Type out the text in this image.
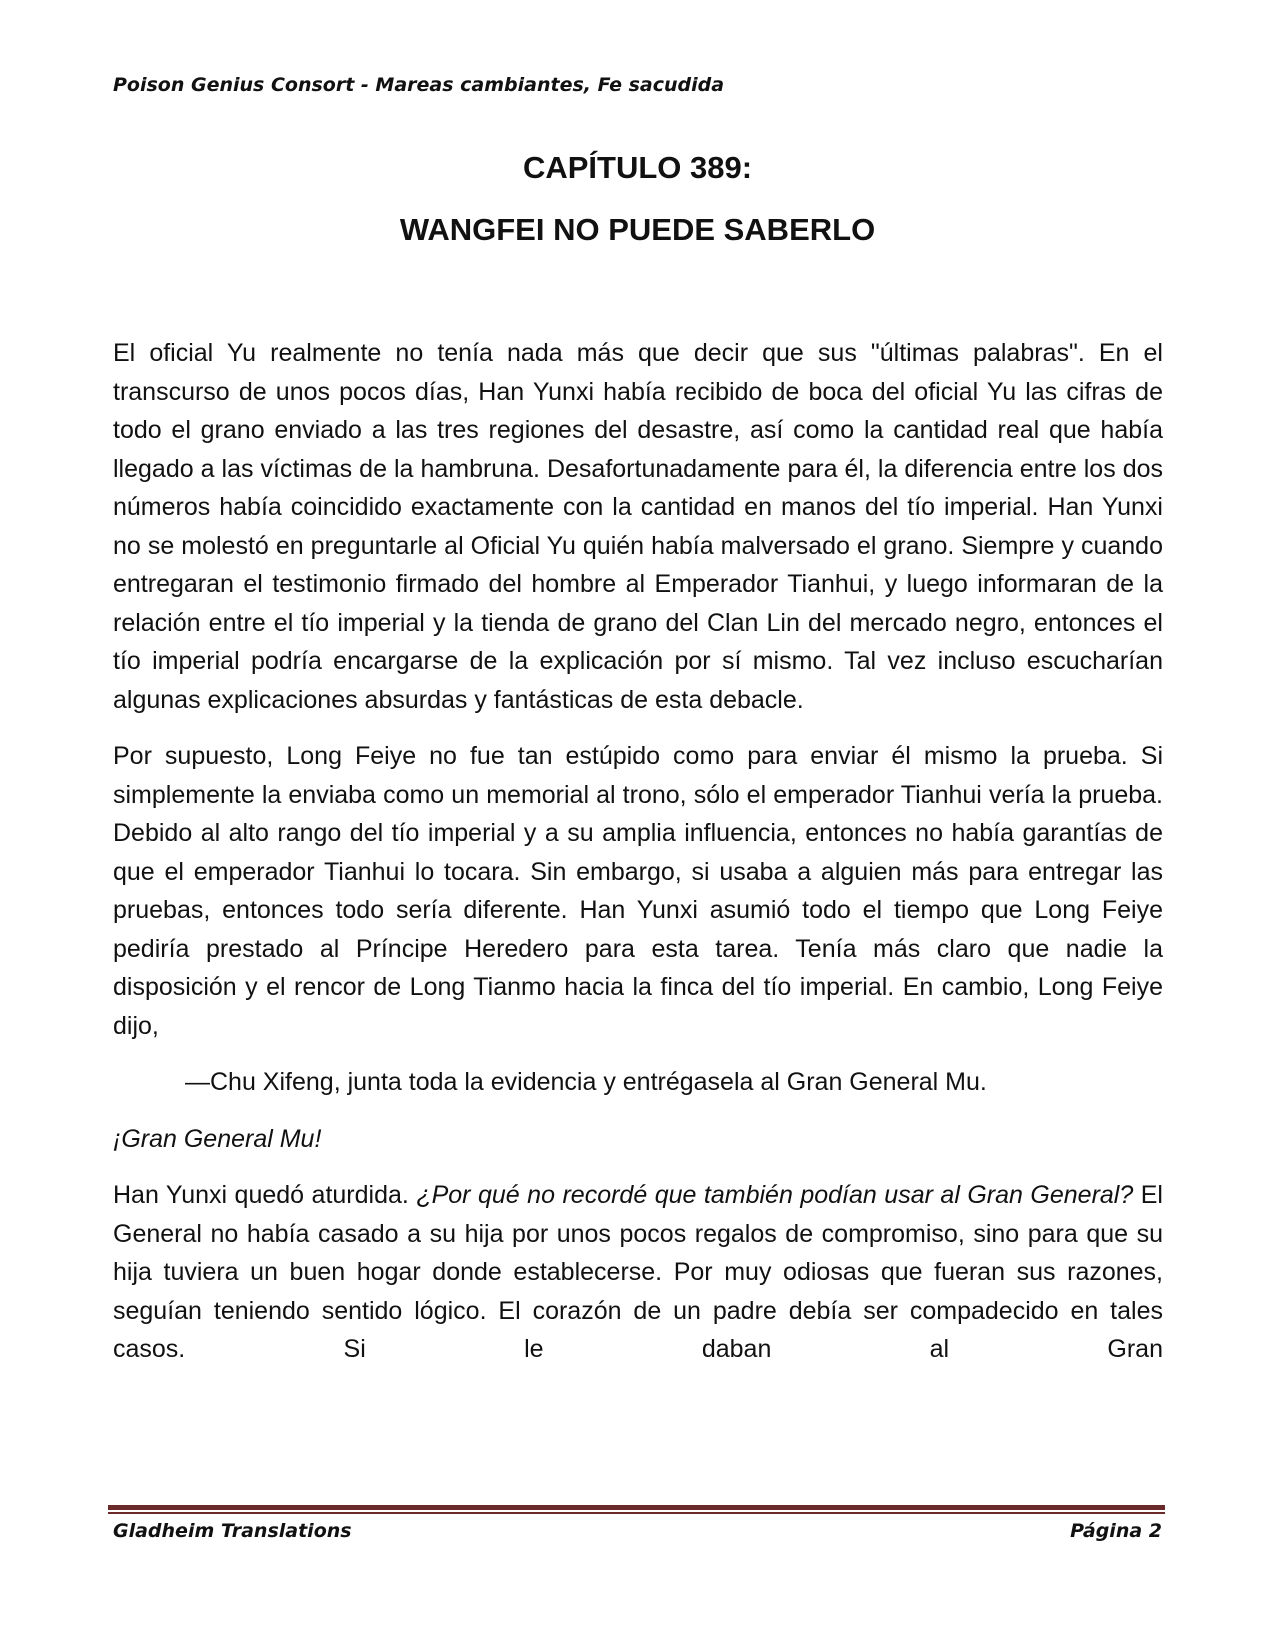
Poison Genius Consort - Mareas cambiantes, Fe sacudida
CAPÍTULO 389:
WANGFEI NO PUEDE SABERLO

El oficial Yu realmente no tenía nada más que decir que sus "últimas palabras". En el transcurso de unos pocos días, Han Yunxi había recibido de boca del oficial Yu las cifras de todo el grano enviado a las tres regiones del desastre, así como la cantidad real que había llegado a las víctimas de la hambruna. Desafortunadamente para él, la diferencia entre los dos números había coincidido exactamente con la cantidad en manos del tío imperial. Han Yunxi no se molestó en preguntarle al Oficial Yu quién había malversado el grano. Siempre y cuando entregaran el testimonio firmado del hombre al Emperador Tianhui, y luego informaran de la relación entre el tío imperial y la tienda de grano del Clan Lin del mercado negro, entonces el tío imperial podría encargarse de la explicación por sí mismo. Tal vez incluso escucharían algunas explicaciones absurdas y fantásticas de esta debacle.

Por supuesto, Long Feiye no fue tan estúpido como para enviar él mismo la prueba. Si simplemente la enviaba como un memorial al trono, sólo el emperador Tianhui vería la prueba. Debido al alto rango del tío imperial y a su amplia influencia, entonces no había garantías de que el emperador Tianhui lo tocara. Sin embargo, si usaba a alguien más para entregar las pruebas, entonces todo sería diferente. Han Yunxi asumió todo el tiempo que Long Feiye pediría prestado al Príncipe Heredero para esta tarea. Tenía más claro que nadie la disposición y el rencor de Long Tianmo hacia la finca del tío imperial. En cambio, Long Feiye dijo,

—Chu Xifeng, junta toda la evidencia y entrégasela al Gran General Mu.

¡Gran General Mu!

Han Yunxi quedó aturdida. ¿Por qué no recordé que también podían usar al Gran General? El General no había casado a su hija por unos pocos regalos de compromiso, sino para que su hija tuviera un buen hogar donde establecerse. Por muy odiosas que fueran sus razones, seguían teniendo sentido lógico. El corazón de un padre debía ser compadecido en tales casos. Si le daban al Gran

Gladheim Translations	Página 2
